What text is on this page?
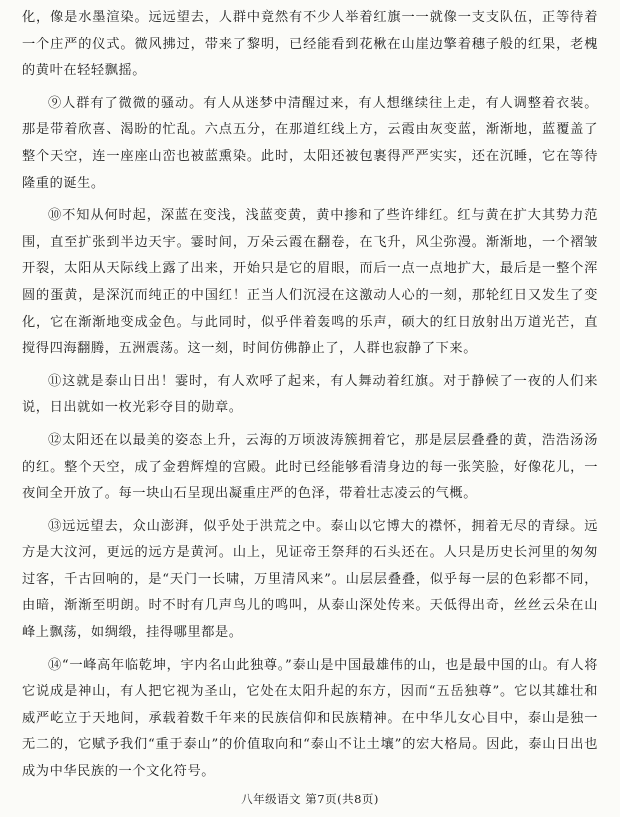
化，像是水墨渲染。远远望去，人群中竟然有不少人举着红旗一一就像一支支队伍，正等待着一个庄严的仪式。微风拂过，带来了黎明，已经能看到花楸在山崖边擎着穗子般的红果，老槐的黄叶在轻轻飘摇。

⑨人群有了微微的骚动。有人从迷梦中清醒过来，有人想继续往上走，有人调整着衣装。那是带着欣喜、渴盼的忙乱。六点五分，在那道红线上方，云霞由灰变蓝，渐渐地，蓝覆盖了整个天空，连一座座山峦也被蓝熏染。此时，太阳还被包裹得严严实实，还在沉睡，它在等待隆重的诞生。

⑩不知从何时起，深蓝在变浅，浅蓝变黄，黄中掺和了些许绯红。红与黄在扩大其势力范围，直至扩张到半边天宇。霎时间，万朵云霞在翻卷，在飞升，风尘弥漫。渐渐地，一个褶皱开裂，太阳从天际线上露了出来，开始只是它的眉眼，而后一点一点地扩大，最后是一整个浑圆的蛋黄，是深沉而纯正的中国红！正当人们沉浸在这激动人心的一刻，那轮红日又发生了变化，它在渐渐地变成金色。与此同时，似乎伴着轰鸣的乐声，硕大的红日放射出万道光芒，直搅得四海翻腾，五洲震荡。这一刻，时间仿佛静止了，人群也寂静了下来。

⑪这就是泰山日出！霎时，有人欢呼了起来，有人舞动着红旗。对于静候了一夜的人们来说，日出就如一枚光彩夺目的勋章。

⑫太阳还在以最美的姿态上升，云海的万顷波涛簇拥着它，那是层层叠叠的黄，浩浩汤汤的红。整个天空，成了金碧辉煌的宫殿。此时已经能够看清身边的每一张笑脸，好像花儿，一夜间全开放了。每一块山石呈现出凝重庄严的色泽，带着壮志凌云的气概。

⑬远远望去，众山澎湃，似乎处于洪荒之中。泰山以它博大的襟怀，拥着无尽的青绿。远方是大汶河，更远的远方是黄河。山上，见证帝王祭拜的石头还在。人只是历史长河里的匆匆过客，千古回响的，是“天门一长啸，万里清风来”。山层层叠叠，似乎每一层的色彩都不同，由暗，渐渐至明朗。时不时有几声鸟儿的鸣叫，从泰山深处传来。天低得出奇，丝丝云朵在山峰上飘荡，如绸缎，挂得哪里都是。

⑭“一峰高年临乾坤，宇内名山此独尊。”泰山是中国最雄伟的山，也是最中国的山。有人将它说成是神山，有人把它视为圣山，它处在太阳升起的东方，因而“五岳独尊”。它以其雄壮和威严屹立于天地间，承载着数千年来的民族信仰和民族精神。在中华儿女心目中，泰山是独一无二的，它赋予我们“重于泰山”的价值取向和“泰山不让土壤”的宏大格局。因此，泰山日出也成为中华民族的一个文化符号。

八年级语文 第7页(共8页)
